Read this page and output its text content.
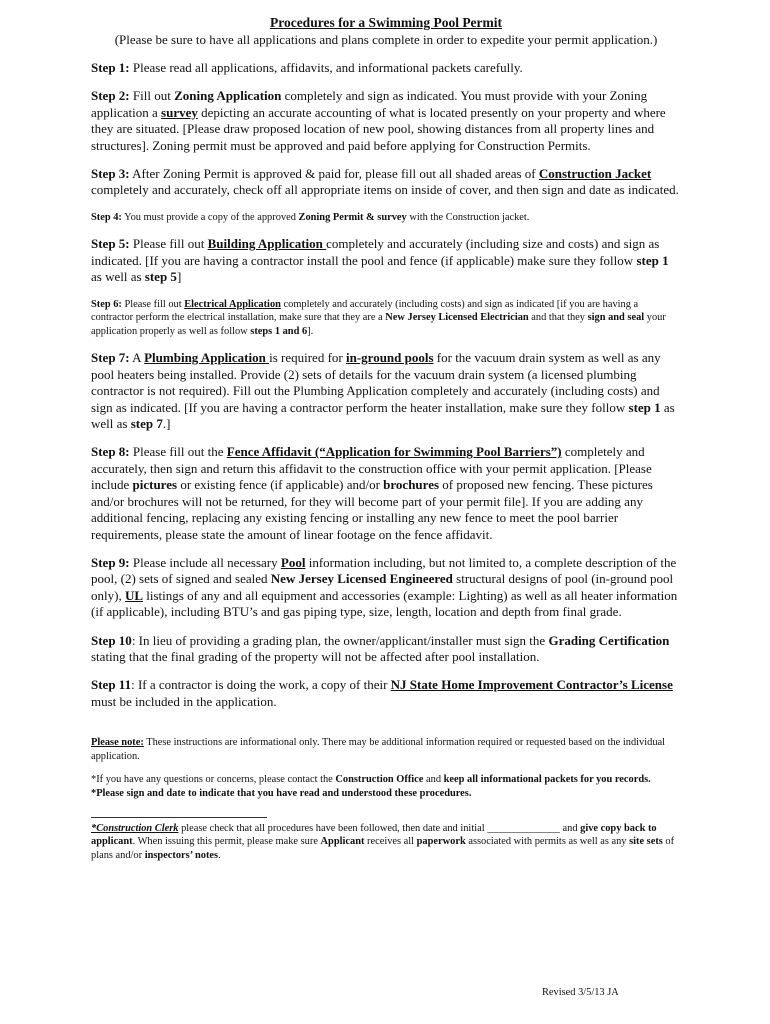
Procedures for a Swimming Pool Permit
(Please be sure to have all applications and plans complete in order to expedite your permit application.)

Step 1: Please read all applications, affidavits, and informational packets carefully.

Step 2: Fill out Zoning Application completely and sign as indicated. You must provide with your Zoning application a survey depicting an accurate accounting of what is located presently on your property and where they are situated. [Please draw proposed location of new pool, showing distances from all property lines and structures]. Zoning permit must be approved and paid before applying for Construction Permits.

Step 3: After Zoning Permit is approved & paid for, please fill out all shaded areas of Construction Jacket completely and accurately, check off all appropriate items on inside of cover, and then sign and date as indicated.

Step 4: You must provide a copy of the approved Zoning Permit & survey with the Construction jacket.

Step 5: Please fill out Building Application completely and accurately (including size and costs) and sign as indicated. [If you are having a contractor install the pool and fence (if applicable) make sure they follow step 1 as well as step 5]

Step 6: Please fill out Electrical Application completely and accurately (including costs) and sign as indicated [if you are having a contractor perform the electrical installation, make sure that they are a New Jersey Licensed Electrician and that they sign and seal your application properly as well as follow steps 1 and 6].

Step 7: A Plumbing Application is required for in-ground pools for the vacuum drain system as well as any pool heaters being installed. Provide (2) sets of details for the vacuum drain system (a licensed plumbing contractor is not required). Fill out the Plumbing Application completely and accurately (including costs) and sign as indicated. [If you are having a contractor perform the heater installation, make sure they follow step 1 as well as step 7.]

Step 8: Please fill out the Fence Affidavit (“Application for Swimming Pool Barriers”) completely and accurately, then sign and return this affidavit to the construction office with your permit application. [Please include pictures or existing fence (if applicable) and/or brochures of proposed new fencing. These pictures and/or brochures will not be returned, for they will become part of your permit file]. If you are adding any additional fencing, replacing any existing fencing or installing any new fence to meet the pool barrier requirements, please state the amount of linear footage on the fence affidavit.

Step 9: Please include all necessary Pool information including, but not limited to, a complete description of the pool, (2) sets of signed and sealed New Jersey Licensed Engineered structural designs of pool (in-ground pool only), UL listings of any and all equipment and accessories (example: Lighting) as well as all heater information (if applicable), including BTU’s and gas piping type, size, length, location and depth from final grade.

Step 10: In lieu of providing a grading plan, the owner/applicant/installer must sign the Grading Certification stating that the final grading of the property will not be affected after pool installation.

Step 11: If a contractor is doing the work, a copy of their NJ State Home Improvement Contractor’s License must be included in the application.

Please note: These instructions are informational only. There may be additional information required or requested based on the individual application.

*If you have any questions or concerns, please contact the Construction Office and keep all informational packets for you records.

*Please sign and date to indicate that you have read and understood these procedures.

*Construction Clerk please check that all procedures have been followed, then date and initial ______________ and give copy back to applicant. When issuing this permit, please make sure Applicant receives all paperwork associated with permits as well as any site sets of plans and/or inspectors’ notes.

Revised 3/5/13 JA
